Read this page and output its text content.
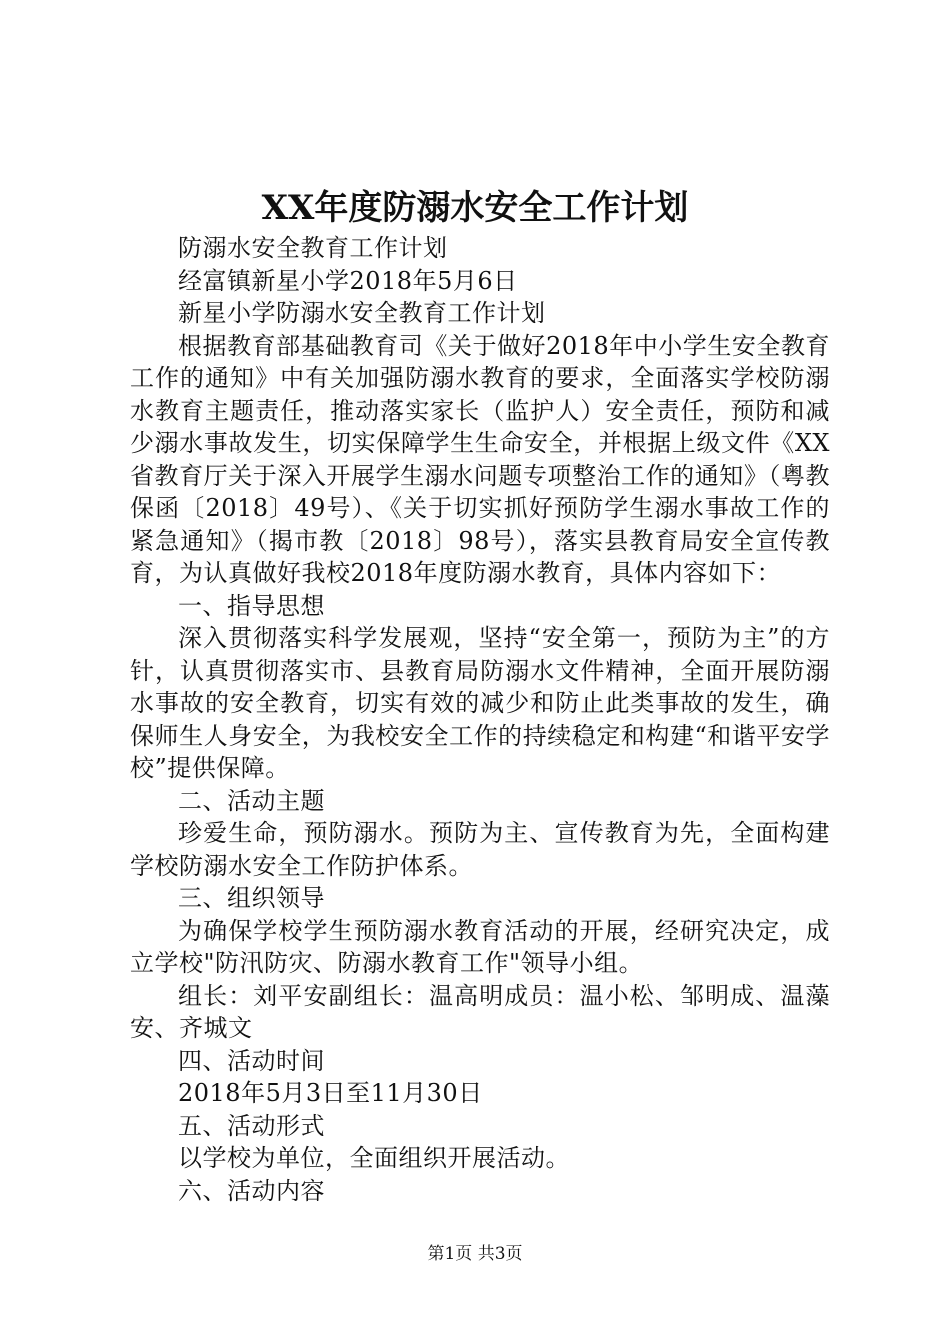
XX年度防溺水安全工作计划

防溺水安全教育工作计划

经富镇新星小学2018年5月6日

新星小学防溺水安全教育工作计划

根据教育部基础教育司《关于做好2018年中小学生安全教育工作的通知》中有关加强防溺水教育的要求，全面落实学校防溺水教育主题责任，推动落实家长（监护人）安全责任，预防和减少溺水事故发生，切实保障学生生命安全，并根据上级文件《XX省教育厅关于深入开展学生溺水问题专项整治工作的通知》（粤教保函〔2018〕49号）、《关于切实抓好预防学生溺水事故工作的紧急通知》（揭市教〔2018〕98号），落实县教育局安全宣传教育，为认真做好我校2018年度防溺水教育，具体内容如下：

一、指导思想

深入贯彻落实科学发展观，坚持“安全第一，预防为主”的方针，认真贯彻落实市、县教育局防溺水文件精神，全面开展防溺水事故的安全教育，切实有效的减少和防止此类事故的发生，确保师生人身安全，为我校安全工作的持续稳定和构建“和谐平安学校”提供保障。

二、活动主题

珍爱生命，预防溺水。预防为主、宣传教育为先，全面构建学校防溺水安全工作防护体系。

三、组织领导

为确保学校学生预防溺水教育活动的开展，经研究决定，成立学校"防汛防灾、防溺水教育工作"领导小组。

组长：刘平安副组长：温高明成员：温小松、邹明成、温藻安、齐城文

四、活动时间

2018年5月3日至11月30日

五、活动形式

以学校为单位，全面组织开展活动。

六、活动内容

第1页 共3页
